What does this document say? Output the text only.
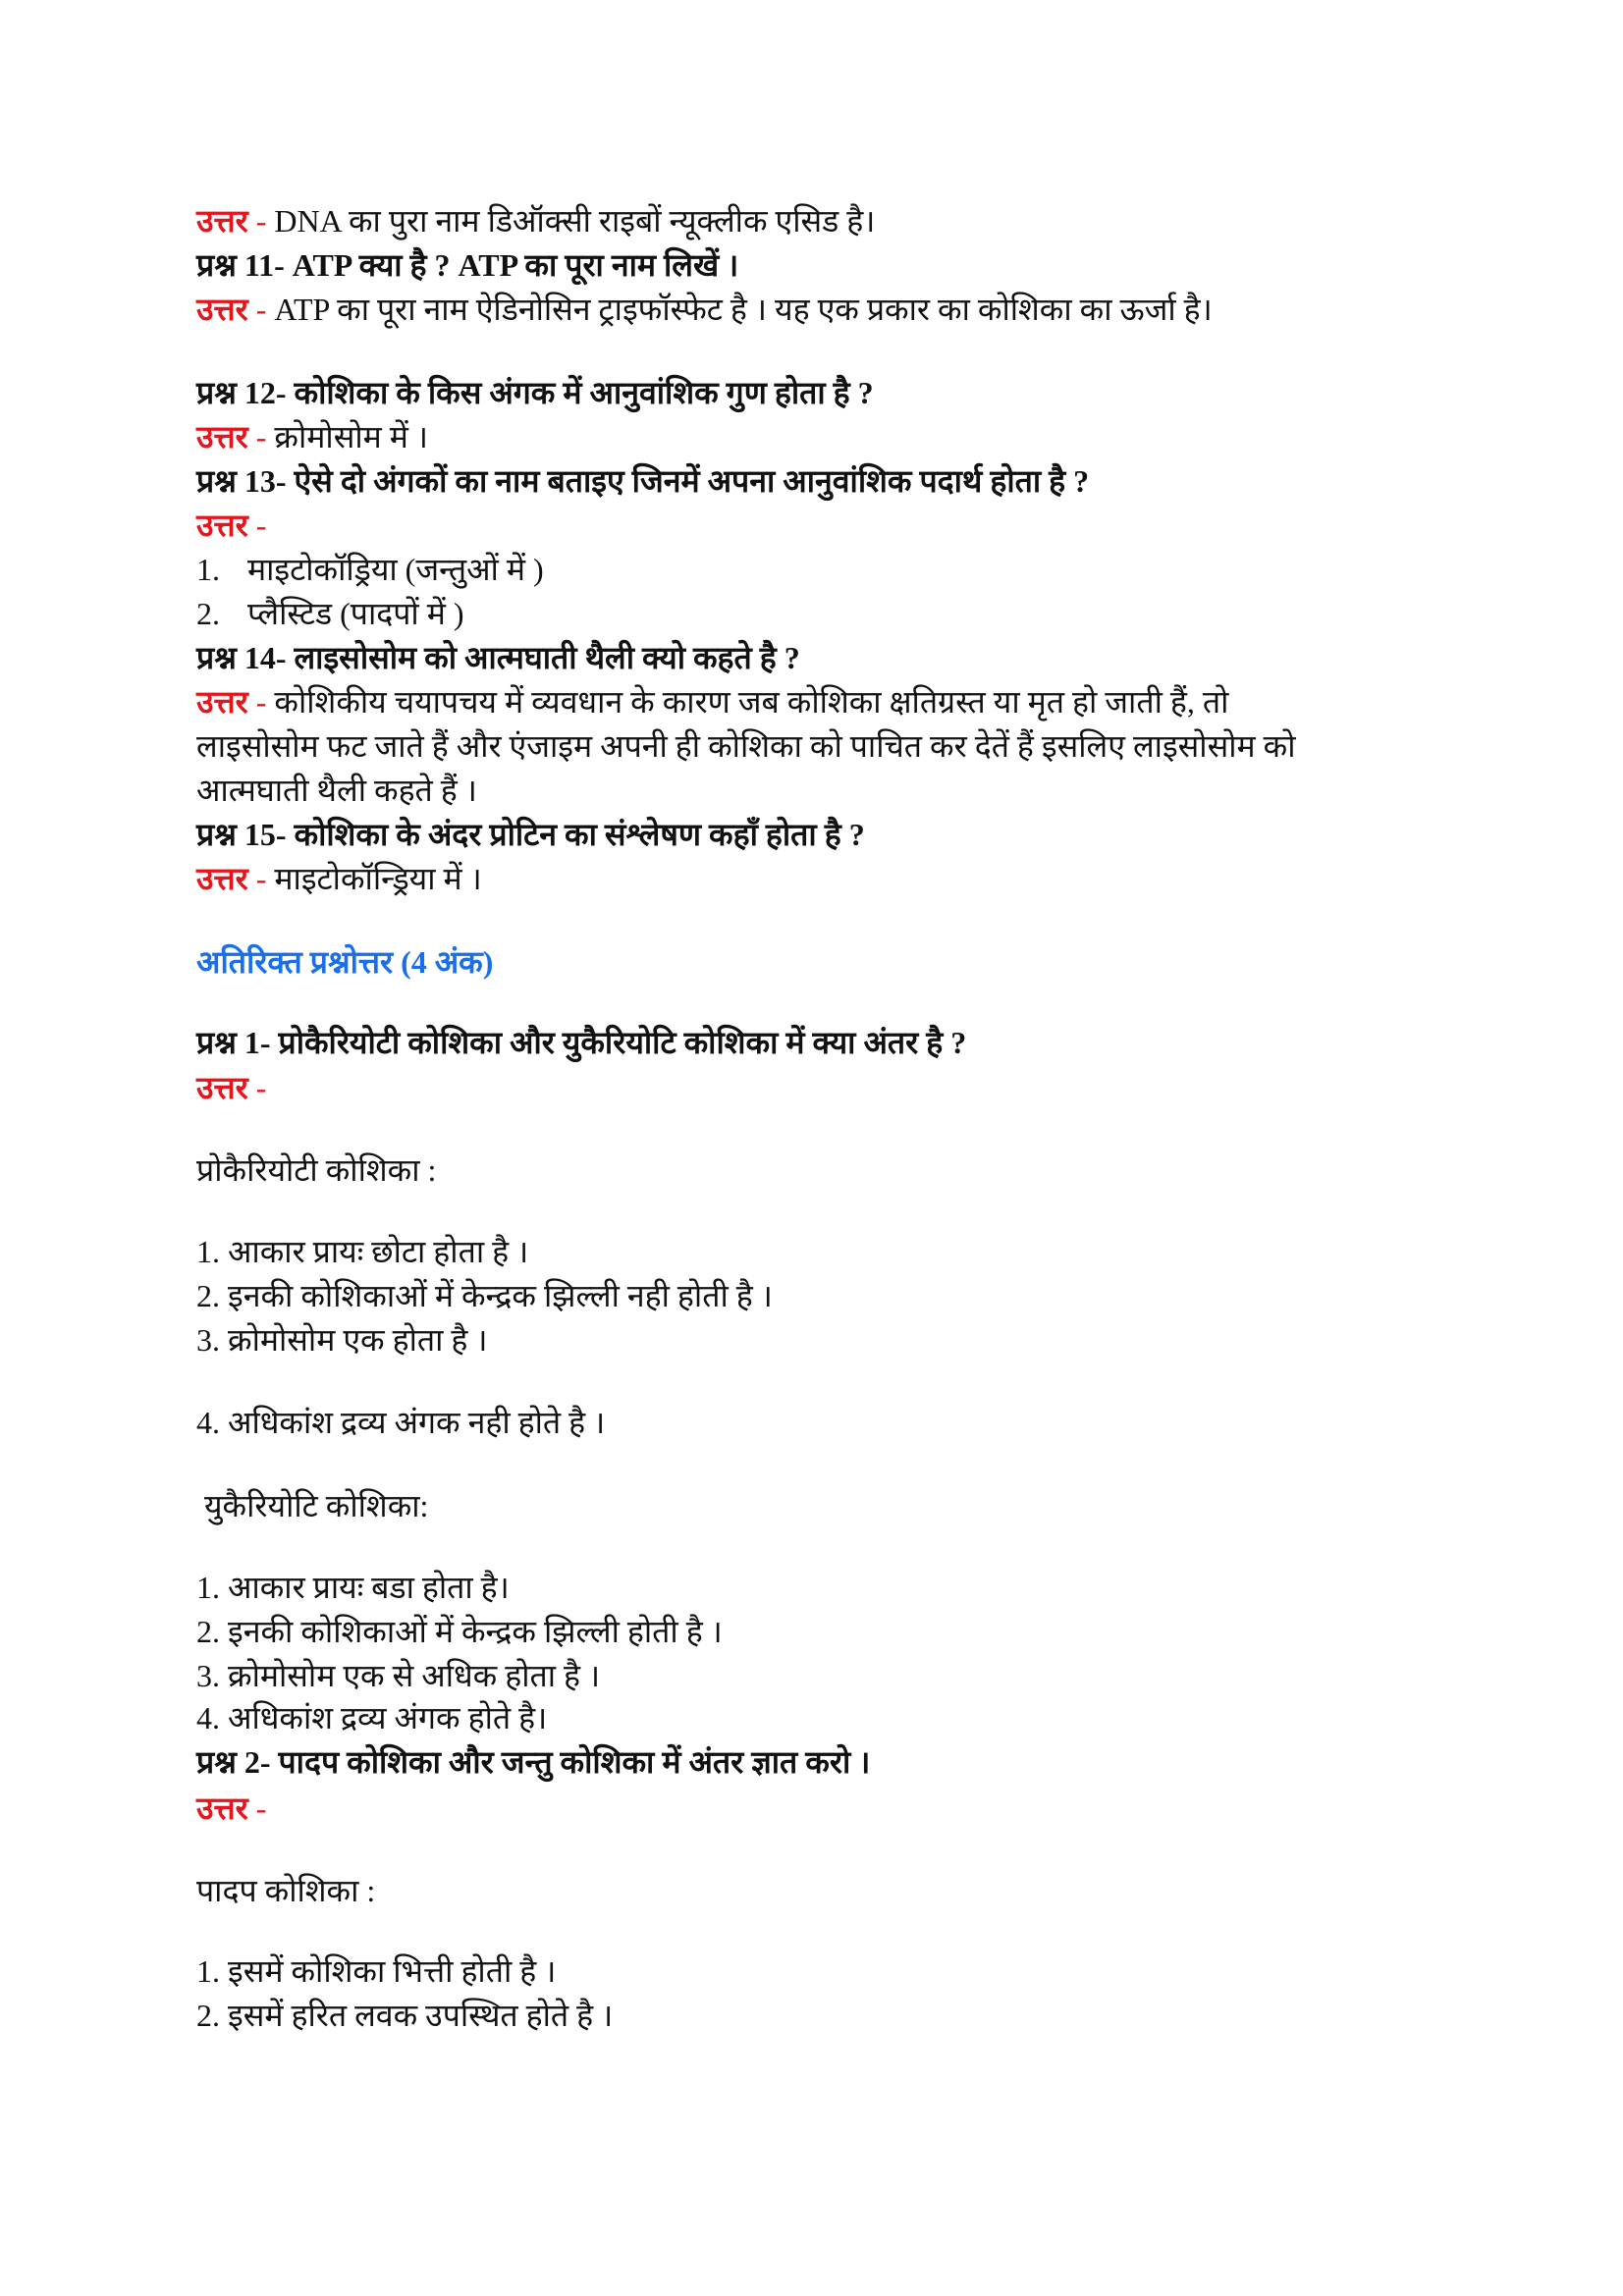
उत्तर - DNA का पुरा नाम डिऑक्सी राइबों न्यूक्लीक एसिड है।
प्रश्न 11- ATP क्या है ? ATP का पूरा नाम लिखें ।
उत्तर - ATP का पूरा नाम ऐडिनोसिन ट्राइफॉस्फेट है । यह एक प्रकार का कोशिका का ऊर्जा है।
प्रश्न 12- कोशिका के किस अंगक में आनुवांशिक गुण होता है ?
उत्तर - क्रोमोसोम में ।
प्रश्न 13- ऐसे दो अंगकों का नाम बताइए जिनमें अपना आनुवांशिक पदार्थ होता है ?
उत्तर -
1. माइटोकॉड्रिया (जन्तुओं में )
2. प्लैस्टिड (पादपों में )
प्रश्न 14- लाइसोसोम को आत्मघाती थैली क्यो कहते है ?
उत्तर - कोशिकीय चयापचय में व्यवधान के कारण जब कोशिका क्षतिग्रस्त या मृत हो जाती हैं, तो
लाइसोसोम फट जाते हैं और एंजाइम अपनी ही कोशिका को पाचित कर देतें हैं इसलिए लाइसोसोम को
आत्मघाती थैली कहते हैं ।
प्रश्न 15- कोशिका के अंदर प्रोटिन का संश्लेषण कहाँ होता है ?
उत्तर - माइटोकॉन्ड्रिया में ।
अतिरिक्त प्रश्नोत्तर (4 अंक)
प्रश्न 1- प्रोकैरियोटी कोशिका और युकैरियोटि कोशिका में क्या अंतर है ?
उत्तर -
प्रोकैरियोटी कोशिका :
1. आकार प्रायः छोटा होता है ।
2. इनकी कोशिकाओं में केन्द्रक झिल्ली नही होती है ।
3. क्रोमोसोम एक होता है ।
4. अधिकांश द्रव्य अंगक नही होते है ।
युकैरियोटि कोशिका:
1. आकार प्रायः बडा होता है।
2. इनकी कोशिकाओं में केन्द्रक झिल्ली होती है ।
3. क्रोमोसोम एक से अधिक होता है ।
4. अधिकांश द्रव्य अंगक होते है।
प्रश्न 2- पादप कोशिका और जन्तु कोशिका में अंतर ज्ञात करो ।
उत्तर -
पादप कोशिका :
1. इसमें कोशिका भित्ती होती है ।
2. इसमें हरित लवक उपस्थित होते है ।
